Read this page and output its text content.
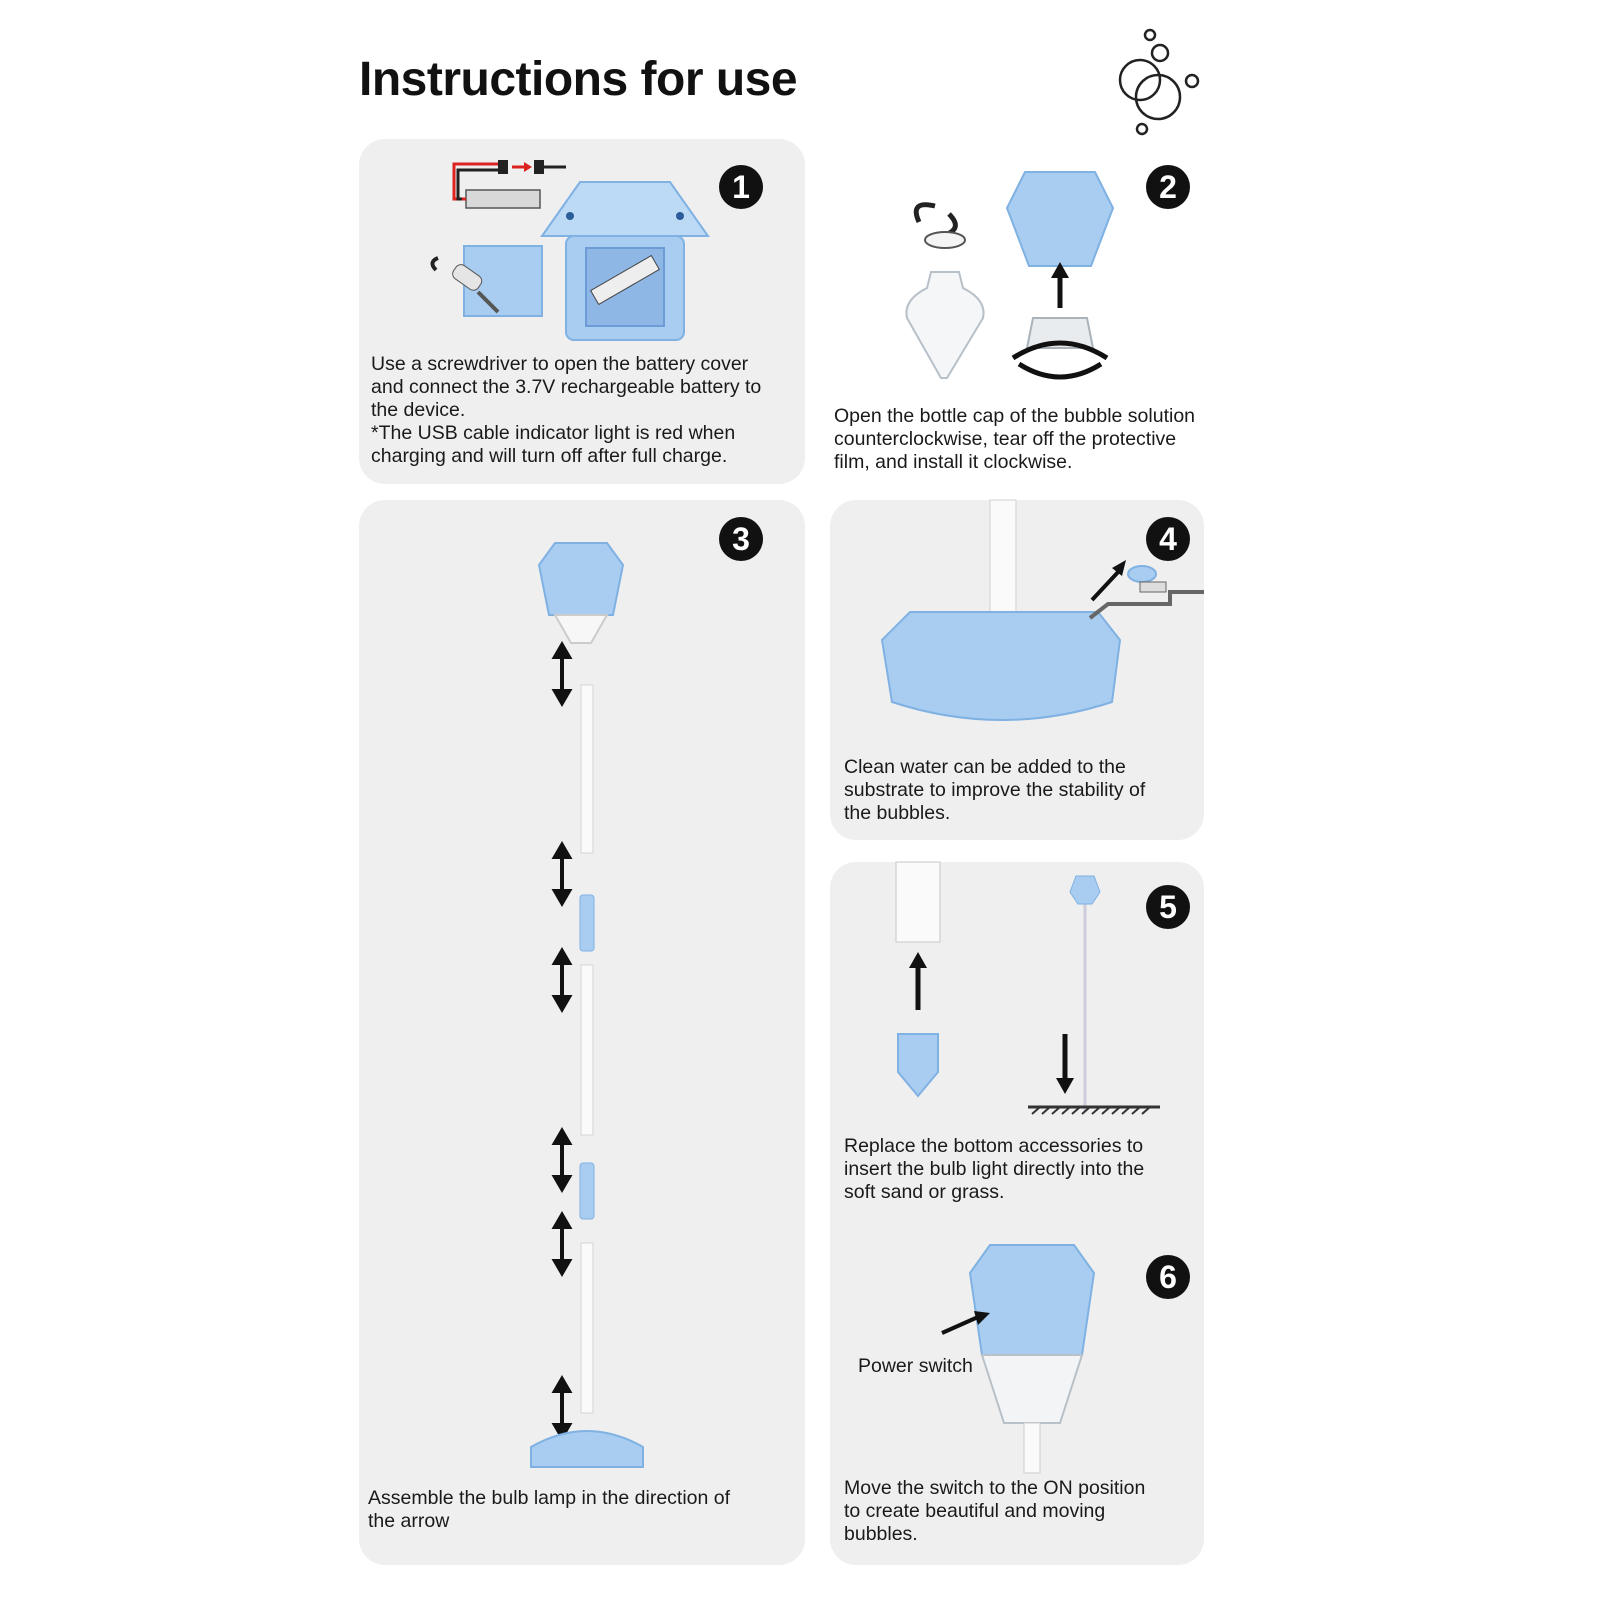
Instructions for use
1
Use a screwdriver to open the battery cover
and connect the 3.7V rechargeable battery to
the device.
*The USB cable indicator light is red when
charging and will turn off after full charge.
2
Open the bottle cap of the bubble solution
counterclockwise, tear off the protective
film, and install it clockwise.
3
Assemble the bulb lamp in the direction of
the arrow
4
Clean water can be added to the
substrate to improve the stability of
the bubbles.
5
Replace the bottom accessories to
insert the bulb light directly into the
soft sand or grass.
6
Power switch
Move the switch to the ON position
to create beautiful and moving
bubbles.
